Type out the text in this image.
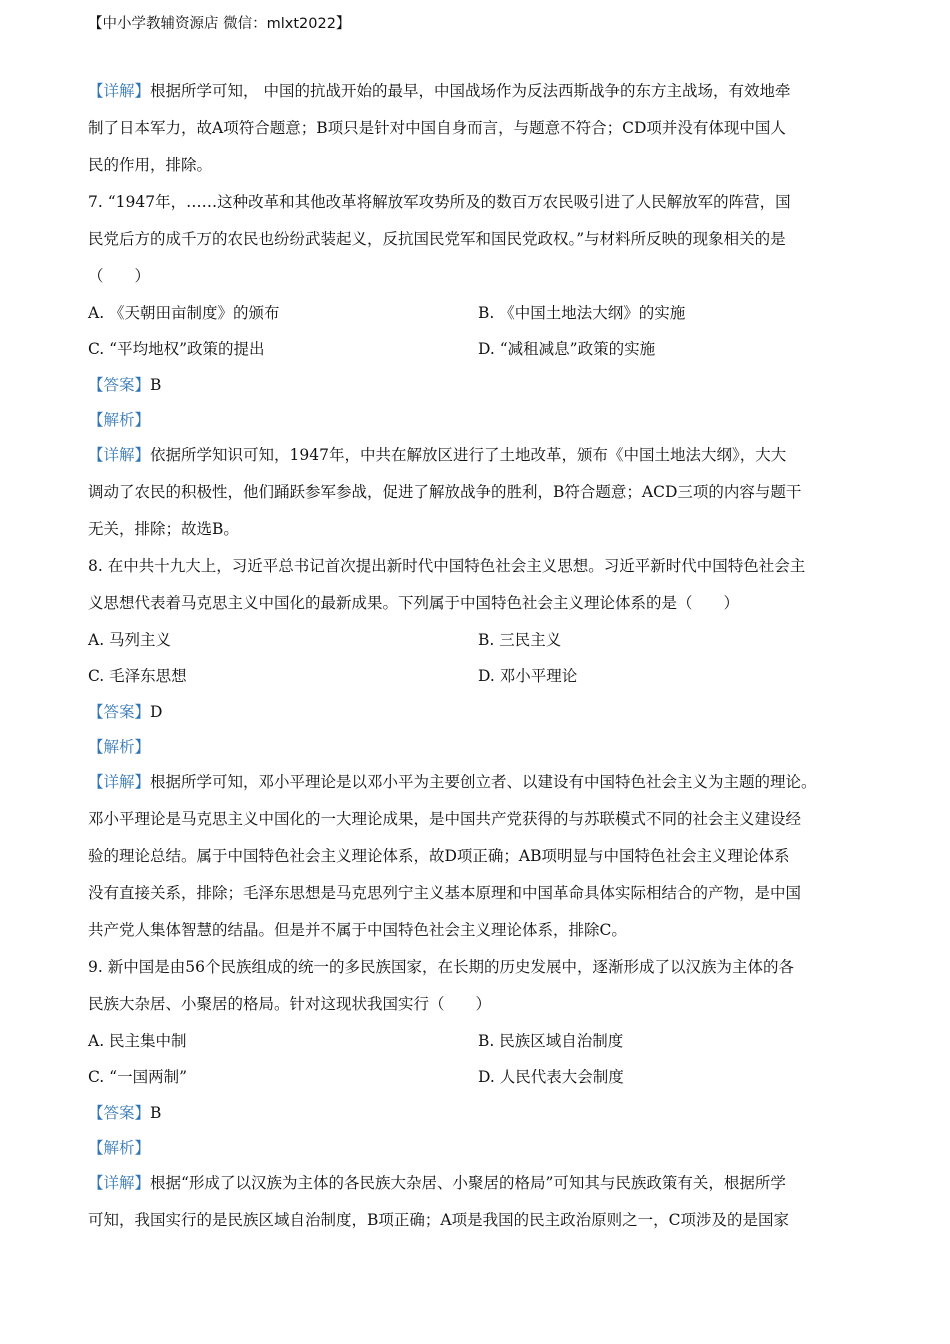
【中小学教辅资源店 微信：mlxt2022】
【详解】根据所学可知， 中国的抗战开始的最早，中国战场作为反法西斯战争的东方主战场，有效地牵
制了日本军力，故A项符合题意；B项只是针对中国自身而言，与题意不符合；CD项并没有体现中国人
民的作用，排除。
7. “1947年，……这种改革和其他改革将解放军攻势所及的数百万农民吸引进了人民解放军的阵营，国
民党后方的成千万的农民也纷纷武装起义，反抗国民党军和国民党政权。”与材料所反映的现象相关的是
（　　）
A. 《天朝田亩制度》的颁布	B. 《中国土地法大纲》的实施
C. “平均地权”政策的提出	D. “减租减息”政策的实施
【答案】B
【解析】
【详解】依据所学知识可知，1947年，中共在解放区进行了土地改革，颁布《中国土地法大纲》，大大
调动了农民的积极性，他们踊跃参军参战，促进了解放战争的胜利，B符合题意；ACD三项的内容与题干
无关，排除；故选B。
8. 在中共十九大上，习近平总书记首次提出新时代中国特色社会主义思想。习近平新时代中国特色社会主
义思想代表着马克思主义中国化的最新成果。下列属于中国特色社会主义理论体系的是（　　）
A. 马列主义	B. 三民主义
C. 毛泽东思想	D. 邓小平理论
【答案】D
【解析】
【详解】根据所学可知，邓小平理论是以邓小平为主要创立者、以建设有中国特色社会主义为主题的理论。
邓小平理论是马克思主义中国化的一大理论成果，是中国共产党获得的与苏联模式不同的社会主义建设经
验的理论总结。属于中国特色社会主义理论体系，故D项正确；AB项明显与中国特色社会主义理论体系
没有直接关系，排除；毛泽东思想是马克思列宁主义基本原理和中国革命具体实际相结合的产物，是中国
共产党人集体智慧的结晶。但是并不属于中国特色社会主义理论体系，排除C。
9. 新中国是由56个民族组成的统一的多民族国家，在长期的历史发展中，逐渐形成了以汉族为主体的各
民族大杂居、小聚居的格局。针对这现状我国实行（　　）
A. 民主集中制	B. 民族区域自治制度
C. “一国两制”	D. 人民代表大会制度
【答案】B
【解析】
【详解】根据“形成了以汉族为主体的各民族大杂居、小聚居的格局”可知其与民族政策有关，根据所学
可知，我国实行的是民族区域自治制度，B项正确；A项是我国的民主政治原则之一，C项涉及的是国家
